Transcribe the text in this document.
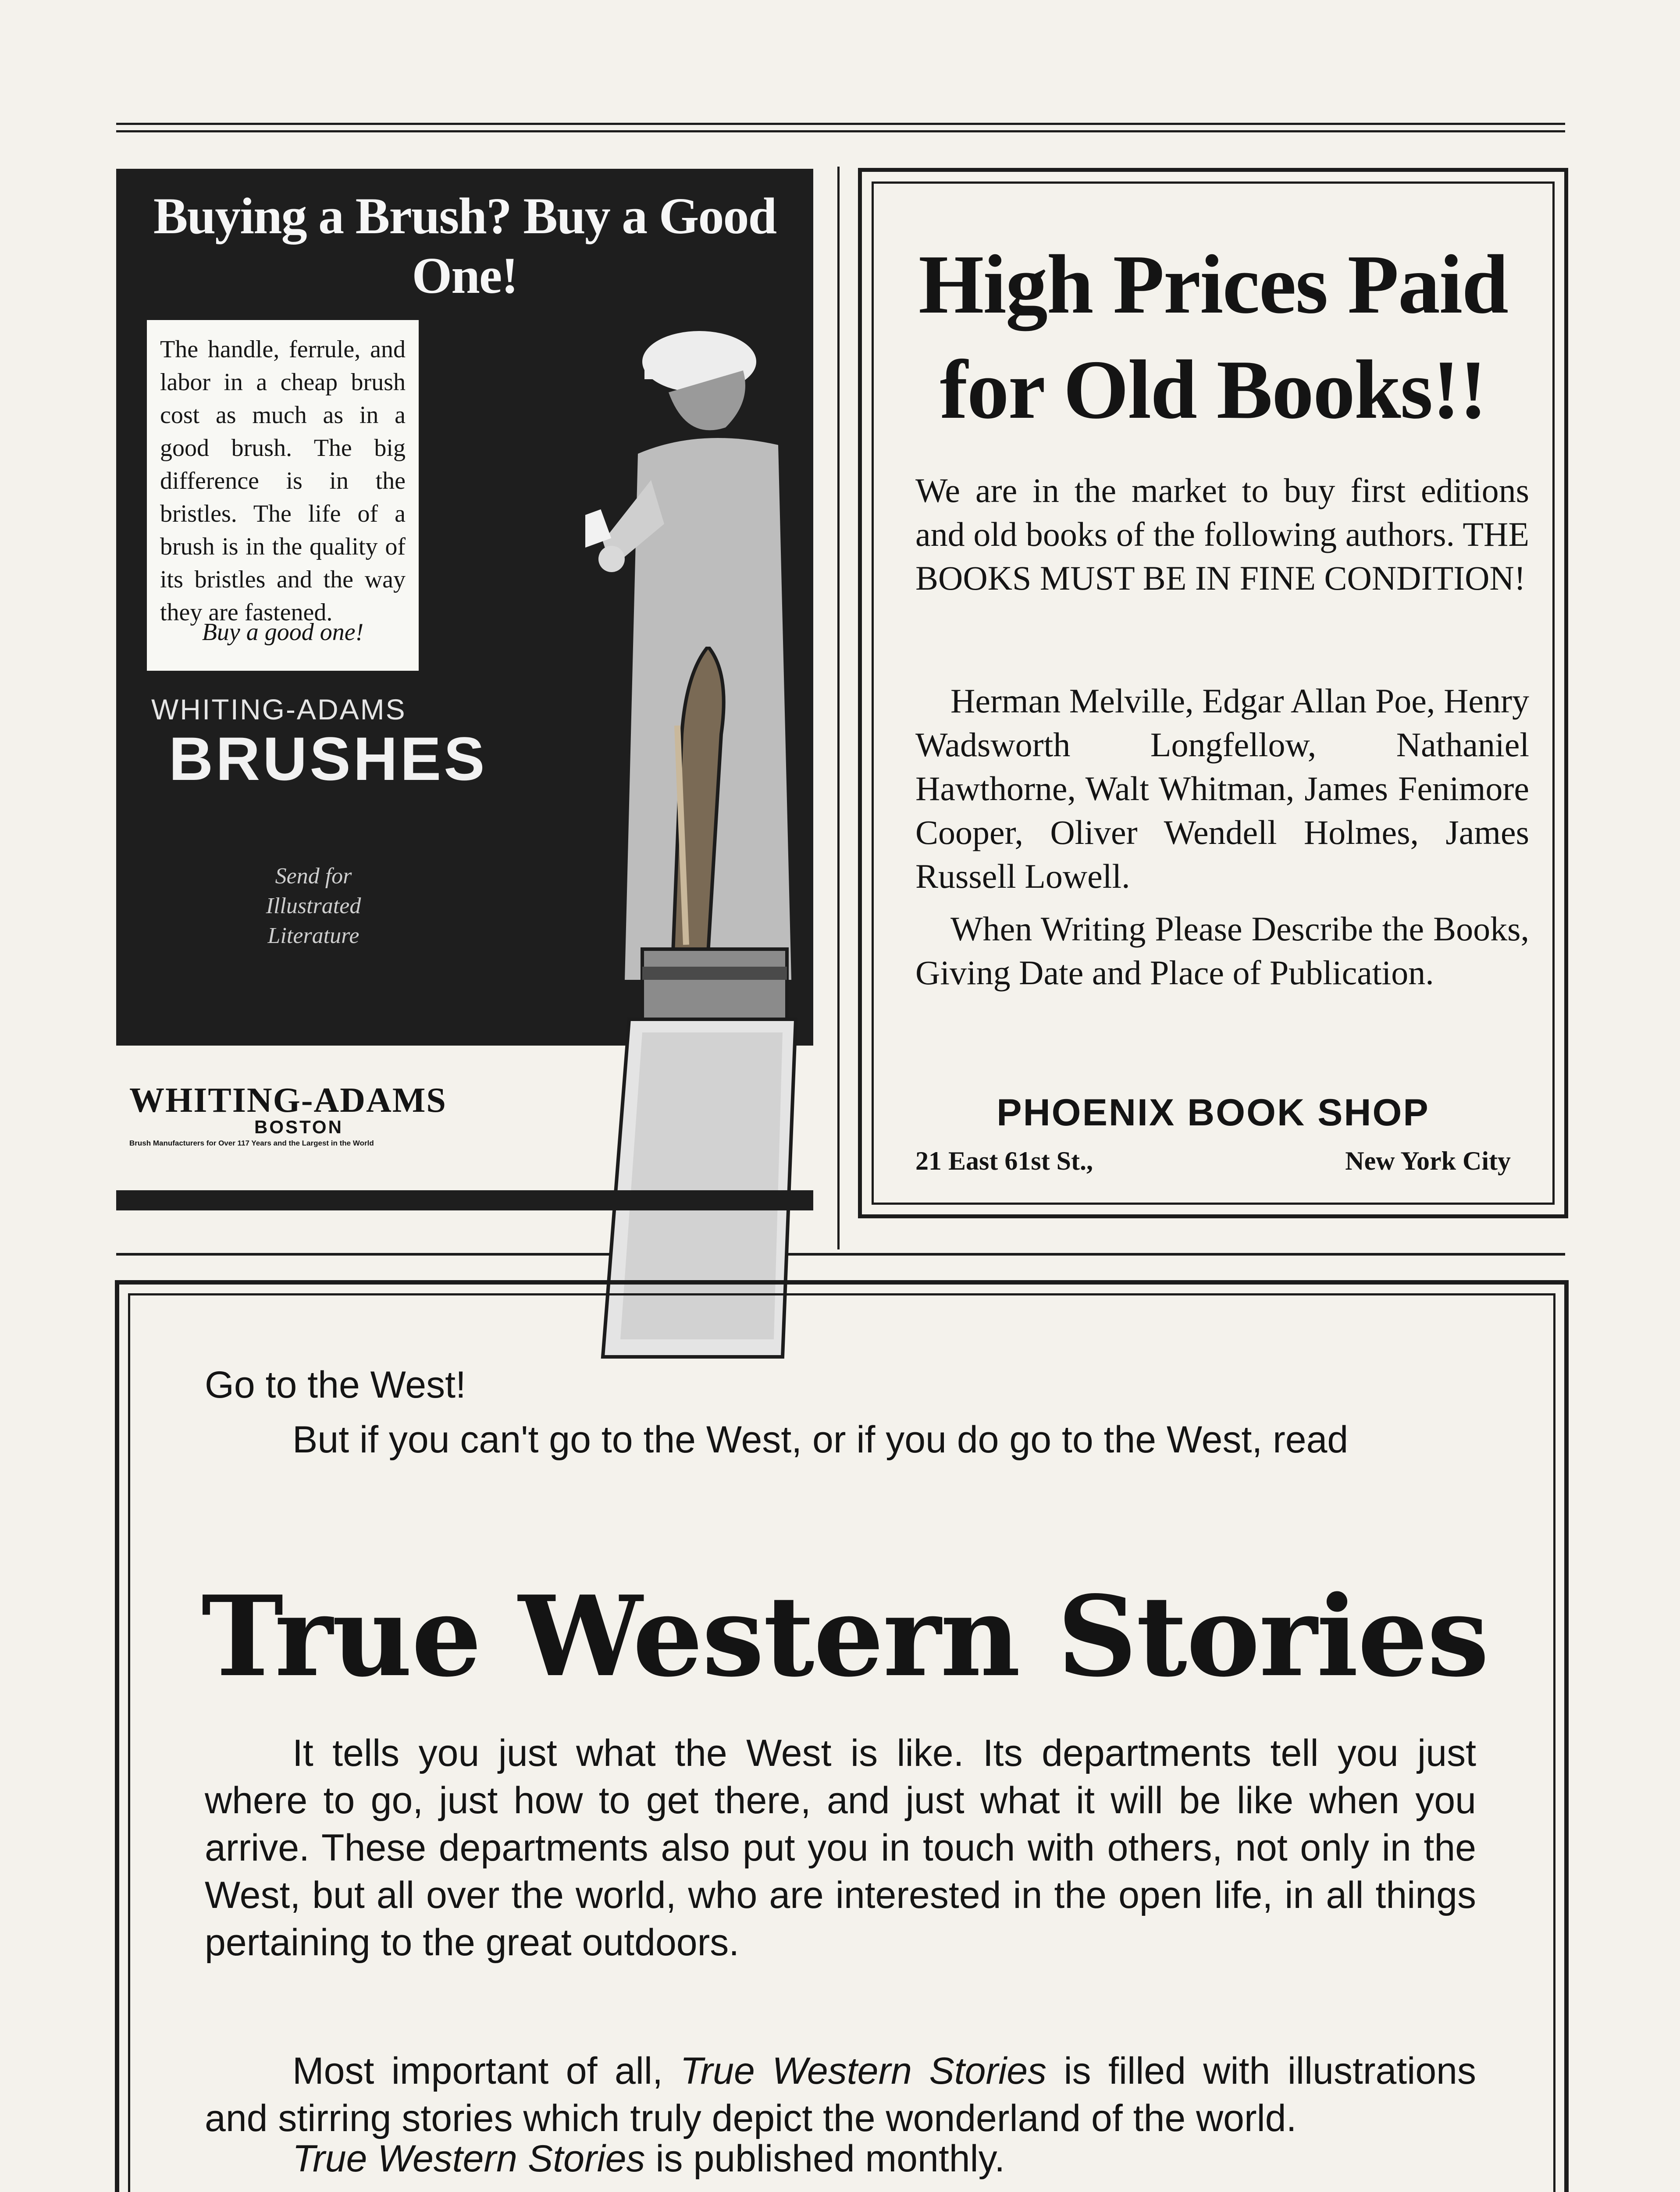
Buying a Brush? Buy a Good One!
The handle, ferrule, and labor in a cheap brush cost as much as in a good brush. The big difference is in the bristles. The life of a brush is in the quality of its bristles and the way they are fastened.
Buy a good one!
WHITING-ADAMS
BRUSHES
Send for Illustrated Literature
WHITING-ADAMS
BOSTON
Brush Manufacturers for Over 117 Years and the Largest in the World
High Prices Paid
for Old Books!!
We are in the market to buy first editions and old books of the following authors. THE BOOKS MUST BE IN FINE CONDITION!
Herman Melville, Edgar Allan Poe, Henry Wadsworth Longfellow, Nathaniel Hawthorne, Walt Whitman, James Fenimore Cooper, Oliver Wendell Holmes, James Russell Lowell.
When Writing Please Describe the Books, Giving Date and Place of Publication.
PHOENIX BOOK SHOP
21 East 61st St.,	New York City
Go to the West!
But if you can't go to the West, or if you do go to the West, read
True Western Stories
It tells you just what the West is like. Its departments tell you just where to go, just how to get there, and just what it will be like when you arrive. These departments also put you in touch with others, not only in the West, but all over the world, who are interested in the open life, in all things pertaining to the great outdoors.
Most important of all, True Western Stories is filled with illustrations and stirring stories which truly depict the wonderland of the world.
True Western Stories is published monthly.
